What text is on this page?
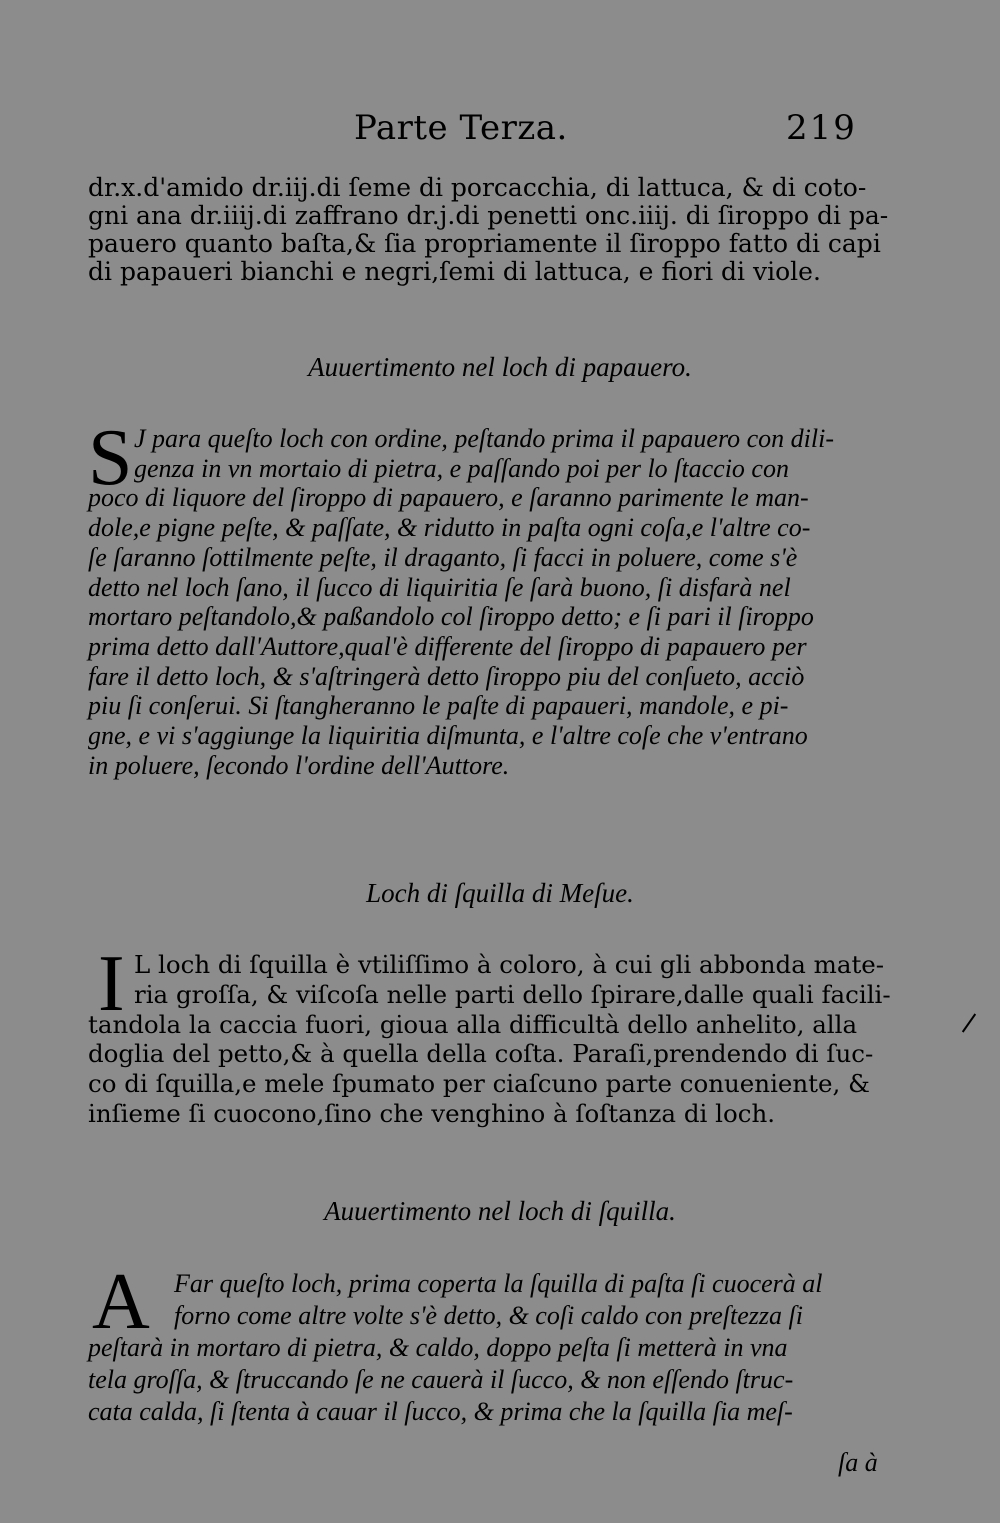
Parte Terza.	219
dr.x.d'amido dr.iij.di ſeme di porcacchia, di lattuca, & di coto-
gni ana dr.iiij.di zaffrano dr.j.di penetti onc.iiij. di ſiroppo di pa-
pauero quanto baſta,& ſia propriamente il ſiroppo fatto di capi
di papaueri bianchi e negri,ſemi di lattuca, e fiori di viole.
Auuertimento nel loch di papauero.
S J para queſto loch con ordine, peſtando prima il papauero con dili-
genza in vn mortaio di pietra, e paſſando poi per lo ſtaccio con
poco di liquore del ſiroppo di papauero, e ſaranno parimente le man-
dole,e pigne peſte, & paſſate, & ridutto in paſta ogni coſa,e l'altre co-
ſe ſaranno ſottilmente peſte, il draganto, ſi facci in poluere, come s'è
detto nel loch ſano, il ſucco di liquiritia ſe ſarà buono, ſi disfarà nel
mortaro peſtandolo,& paßandolo col ſiroppo detto; e ſi pari il ſiroppo
prima detto dall'Auttore,qual'è differente del ſiroppo di papauero per
fare il detto loch, & s'aſtringerà detto ſiroppo piu del conſueto, acciò
piu ſi conſerui. Si ſtangheranno le paſte di papaueri, mandole, e pi-
gne, e vi s'aggiunge la liquiritia diſmunta, e l'altre coſe che v'entrano
in poluere, ſecondo l'ordine dell'Auttore.
Loch di ſquilla di Meſue.
I L loch di ſquilla è vtiliſſimo à coloro, à cui gli abbonda mate-
ria groſſa, & viſcoſa nelle parti dello ſpirare,dalle quali facili-
tandola la caccia fuori, gioua alla difficultà dello anhelito, alla
doglia del petto,& à quella della coſta. Paraſi,prendendo di ſuc-
co di ſquilla,e mele ſpumato per ciaſcuno parte conueniente, &
inſieme ſi cuocono,ſino che venghino à ſoſtanza di loch.
Auuertimento nel loch di ſquilla.
A Far queſto loch, prima coperta la ſquilla di paſta ſi cuocerà al
forno come altre volte s'è detto, & coſi caldo con preſtezza ſi
peſtarà in mortaro di pietra, & caldo, doppo peſta ſi metterà in vna
tela groſſa, & ſtruccando ſe ne cauerà il ſucco, & non eſſendo ſtruc-
cata calda, ſi ſtenta à cauar il ſucco, & prima che la ſquilla ſia meſ-
ſa à
